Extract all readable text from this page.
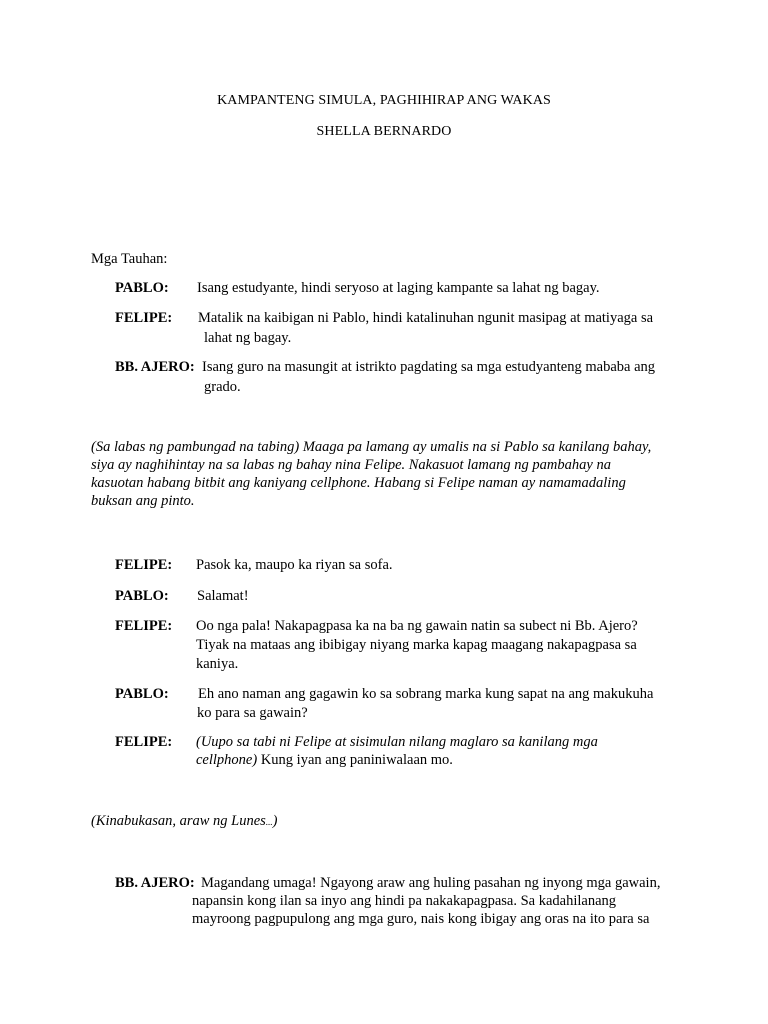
KAMPANTENG SIMULA, PAGHIHIRAP ANG WAKAS
SHELLA BERNARDO
Mga Tauhan:
PABLO: Isang estudyante, hindi seryoso at laging kampante sa lahat ng bagay.
FELIPE: Matalik na kaibigan ni Pablo, hindi katalinuhan ngunit masipag at matiyaga sa
lahat ng bagay.
BB. AJERO: Isang guro na masungit at istrikto pagdating sa mga estudyanteng mababa ang
grado.
(Sa labas ng pambungad na tabing) Maaga pa lamang ay umalis na si Pablo sa kanilang bahay,
siya ay naghihintay na sa labas ng bahay nina Felipe. Nakasuot lamang ng pambahay na
kasuotan habang bitbit ang kaniyang cellphone. Habang si Felipe naman ay namamadaling
buksan ang pinto.
FELIPE: Pasok ka, maupo ka riyan sa sofa.
PABLO: Salamat!
FELIPE: Oo nga pala! Nakapagpasa ka na ba ng gawain natin sa subect ni Bb. Ajero?
Tiyak na mataas ang ibibigay niyang marka kapag maagang nakapagpasa sa
kaniya.
PABLO: Eh ano naman ang gagawin ko sa sobrang marka kung sapat na ang makukuha
ko para sa gawain?
FELIPE: (Uupo sa tabi ni Felipe at sisimulan nilang maglaro sa kanilang mga
cellphone) Kung iyan ang paniniwalaan mo.
(Kinabukasan, araw ng Lunes...)
BB. AJERO: Magandang umaga! Ngayong araw ang huling pasahan ng inyong mga gawain,
napansin kong ilan sa inyo ang hindi pa nakakapagpasa. Sa kadahilanang
mayroong pagpupulong ang mga guro, nais kong ibigay ang oras na ito para sa
